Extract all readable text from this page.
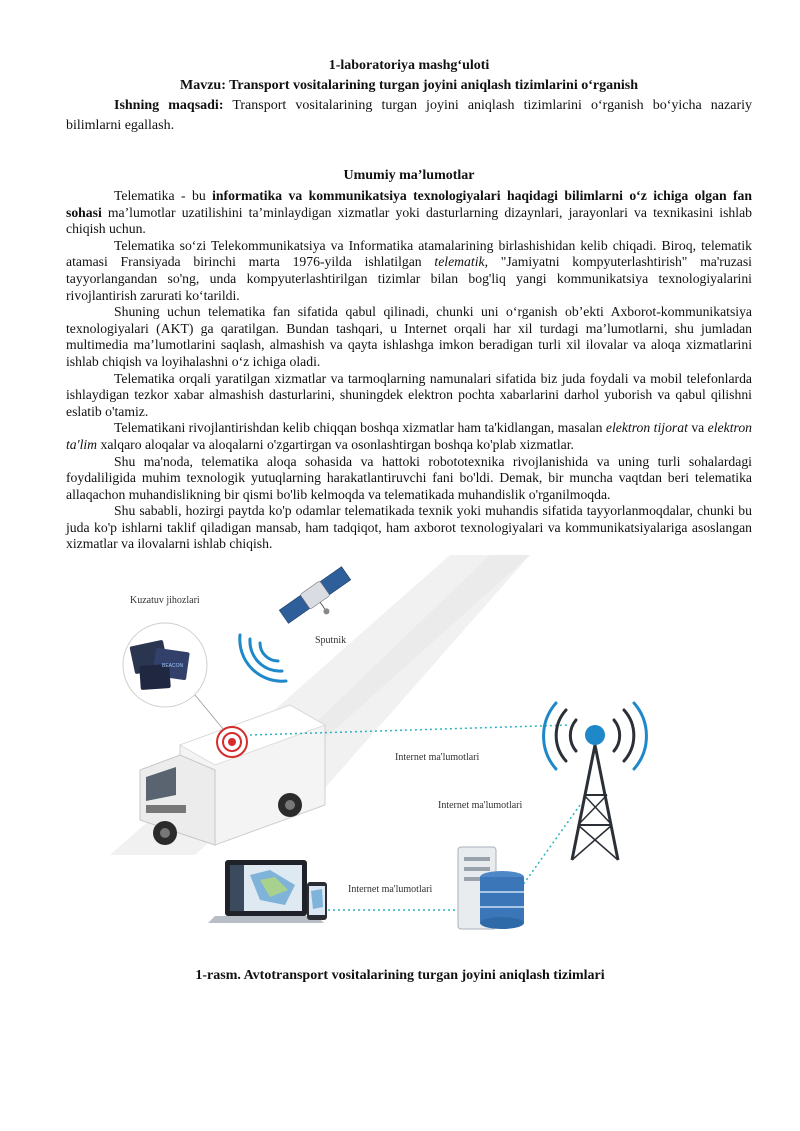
1-laboratoriya mashg‘uloti
Mavzu: Transport vositalarining turgan joyini aniqlash tizimlarini o‘rganish

Ishning maqsadi: Transport vositalarining turgan joyini aniqlash tizimlarini o‘rganish bo‘yicha nazariy bilimlarni egallash.

Umumiy ma’lumotlar

Telematika - bu informatika va kommunikatsiya texnologiyalari haqidagi bilimlarni o‘z ichiga olgan fan sohasi ma’lumotlar uzatilishini ta’minlaydigan xizmatlar yoki dasturlarning dizaynlari, jarayonlari va texnikasini ishlab chiqish uchun.

Telematika so‘zi Telekommunikatsiya va Informatika atamalarining birlashishidan kelib chiqadi. Biroq, telematik atamasi Fransiyada birinchi marta 1976-yilda ishlatilgan telematik, "Jamiyatni kompyuterlashtirish" ma'ruzasi tayyorlangandan so'ng, unda kompyuterlashtirilgan tizimlar bilan bog'liq yangi kommunikatsiya texnologiyalarini rivojlantirish zarurati ko‘tarildi.

Shuning uchun telematika fan sifatida qabul qilinadi, chunki uni o‘rganish ob’ekti Axborot-kommunikatsiya texnologiyalari (AKT) ga qaratilgan. Bundan tashqari, u Internet orqali har xil turdagi ma’lumotlarni, shu jumladan multimedia ma’lumotlarini saqlash, almashish va qayta ishlashga imkon beradigan turli xil ilovalar va aloqa xizmatlarini ishlab chiqish va loyihalashni o‘z ichiga oladi.

Telematika orqali yaratilgan xizmatlar va tarmoqlarning namunalari sifatida biz juda foydali va mobil telefonlarda ishlaydigan tezkor xabar almashish dasturlarini, shuningdek elektron pochta xabarlarini darhol yuborish va qabul qilishni eslatib o'tamiz.

Telematikani rivojlantirishdan kelib chiqqan boshqa xizmatlar ham ta'kidlangan, masalan elektron tijorat va elektron ta'lim xalqaro aloqalar va aloqalarni o'zgartirgan va osonlashtirgan boshqa ko'plab xizmatlar.

Shu ma'noda, telematika aloqa sohasida va hattoki robototexnika rivojlanishida va uning turli sohalardagi foydaliligida muhim texnologik yutuqlarning harakatlantiruvchi fani bo'ldi. Demak, bir muncha vaqtdan beri telematika allaqachon muhandislikning bir qismi bo'lib kelmoqda va telematikada muhandislik o'rganilmoqda.

Shu sababli, hozirgi paytda ko'p odamlar telematikada texnik yoki muhandis sifatida tayyorlanmoqdalar, chunki bu juda ko'p ishlarni taklif qiladigan mansab, ham tadqiqot, ham axborot texnologiyalari va kommunikatsiyalariga asoslangan xizmatlar va ilovalarni ishlab chiqish.

Kuzatuv jihozlari
BEACON
Sputnik
Internet ma'lumotlari
Internet ma'lumotlari
Internet ma'lumotlari
1-rasm. Avtotransport vositalarining turgan joyini aniqlash tizimlari
